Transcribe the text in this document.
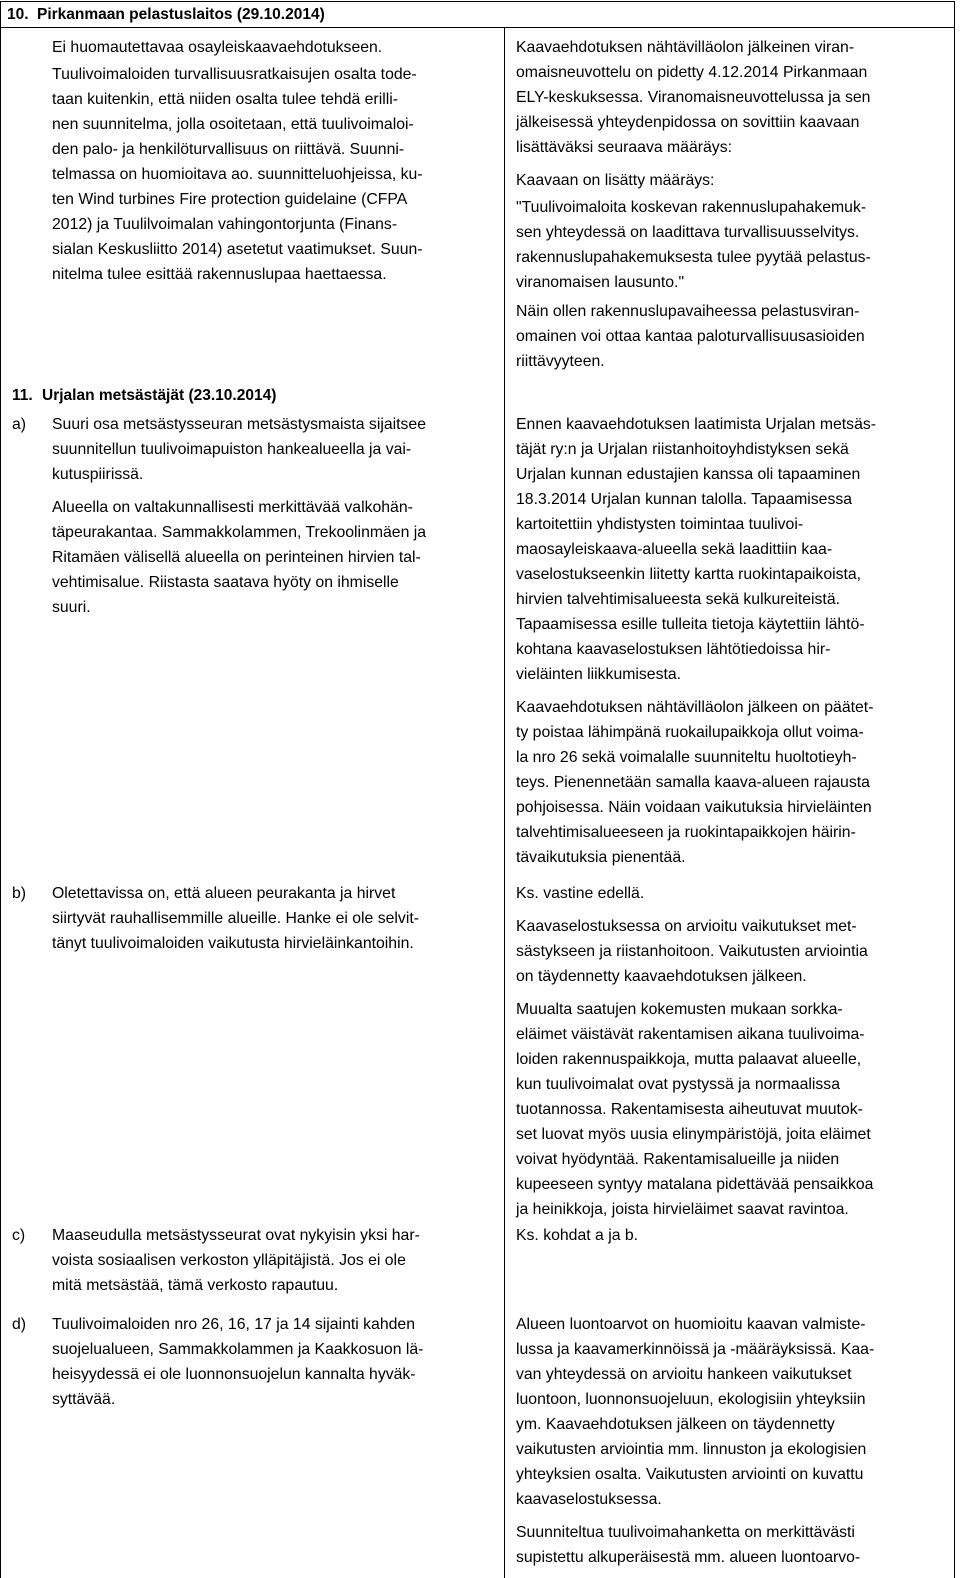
10. Pirkanmaan pelastuslaitos (29.10.2014)

Ei huomautettavaa osayleiskaavaehdotukseen.

Tuulivoimaloiden turvallisuusratkaisujen osalta tode-
taan kuitenkin, että niiden osalta tulee tehdä erilli-
nen suunnitelma, jolla osoitetaan, että tuulivoimaloi-
den palo- ja henkilöturvallisuus on riittävä. Suunni-
telmassa on huomioitava ao. suunnitteluohjeissa, ku-
ten Wind turbines Fire protection guidelaine (CFPA
2012) ja Tuulilvoimalan vahingontorjunta (Finans-
sialan Keskusliitto 2014) asetetut vaatimukset. Suun-
nitelma tulee esittää rakennuslupaa haettaessa.

Kaavaehdotuksen nähtävilläolon jälkeinen viran-
omaisneuvottelu on pidetty 4.12.2014 Pirkanmaan
ELY-keskuksessa. Viranomaisneuvottelussa ja sen
jälkeisessä yhteydenpidossa on sovittiin kaavaan
lisättäväksi seuraava määräys:

Kaavaan on lisätty määräys:

"Tuulivoimaloita koskevan rakennuslupahakemuk-
sen yhteydessä on laadittava turvallisuusselvitys.
rakennuslupahakemuksesta tulee pyytää pelastus-
viranomaisen lausunto."

Näin ollen rakennuslupavaiheessa pelastusviran-
omainen voi ottaa kantaa paloturvallisuusasioiden
riittävyyteen.

11. Urjalan metsästäjät (23.10.2014)
a) Suuri osa metsästysseuran metsästysmaista sijaitsee
suunnitellun tuulivoimapuiston hankealueella ja vai-
kutuspiirissä.

Alueella on valtakunnallisesti merkittävää valkohän-
täpeurakantaa. Sammakkolammen, Trekoolinmäen ja
Ritamäen välisellä alueella on perinteinen hirvien tal-
vehtimisalue. Riistasta saatava hyöty on ihmiselle
suuri.

Ennen kaavaehdotuksen laatimista Urjalan metsäs-
täjät ry:n ja Urjalan riistanhoitoyhdistyksen sekä
Urjalan kunnan edustajien kanssa oli tapaaminen
18.3.2014 Urjalan kunnan talolla. Tapaamisessa
kartoitettiin yhdistysten toimintaa tuulivoi-
maosayleiskaava-alueella sekä laadittiin kaa-
vaselostukseenkin liitetty kartta ruokintapaikoista,
hirvien talvehtimisalueesta sekä kulkureiteistä.
Tapaamisessa esille tulleita tietoja käytettiin lähtö-
kohtana kaavaselostuksen lähtötiedoissa hir-
vieläinten liikkumisesta.

Kaavaehdotuksen nähtävilläolon jälkeen on päätet-
ty poistaa lähimpänä ruokailupaikkoja ollut voima-
la nro 26 sekä voimalalle suunniteltu huoltotieyh-
teys. Pienennetään samalla kaava-alueen rajausta
pohjoisessa. Näin voidaan vaikutuksia hirvieläinten
talvehtimisalueeseen ja ruokintapaikkojen häirin-
tävaikutuksia pienentää.

b) Oletettavissa on, että alueen peurakanta ja hirvet
siirtyvät rauhallisemmille alueille. Hanke ei ole selvit-
tänyt tuulivoimaloiden vaikutusta hirvieläinkantoihin.

Ks. vastine edellä.

Kaavaselostuksessa on arvioitu vaikutukset met-
sästykseen ja riistanhoitoon. Vaikutusten arviointia
on täydennetty kaavaehdotuksen jälkeen.

Muualta saatujen kokemusten mukaan sorkka-
eläimet väistävät rakentamisen aikana tuulivoima-
loiden rakennuspaikkoja, mutta palaavat alueelle,
kun tuulivoimalat ovat pystyssä ja normaalissa
tuotannossa. Rakentamisesta aiheutuvat muutok-
set luovat myös uusia elinympäristöjä, joita eläimet
voivat hyödyntää. Rakentamisalueille ja niiden
kupeeseen syntyy matalana pidettävää pensaikkoa
ja heinikkoja, joista hirvieläimet saavat ravintoa.

c) Maaseudulla metsästysseurat ovat nykyisin yksi har-
voista sosiaalisen verkoston ylläpitäjistä. Jos ei ole
mitä metsästää, tämä verkosto rapautuu.

Ks. kohdat a ja b.

d) Tuulivoimaloiden nro 26, 16, 17 ja 14 sijainti kahden
suojelualueen, Sammakkolammen ja Kaakkosuon lä-
heisyydessä ei ole luonnonsuojelun kannalta hyväk-
syttävää.

Alueen luontoarvot on huomioitu kaavan valmiste-
lussa ja kaavamerkinnöissä ja -määräyksissä. Kaa-
van yhteydessä on arvioitu hankeen vaikutukset
luontoon, luonnonsuojeluun, ekologisiin yhteyksiin
ym. Kaavaehdotuksen jälkeen on täydennetty
vaikutusten arviointia mm. linnuston ja ekologisien
yhteyksien osalta. Vaikutusten arviointi on kuvattu
kaavaselostuksessa.

Suunniteltua tuulivoimahanketta on merkittävästi
supistettu alkuperäisestä mm. alueen luontoarvo-
